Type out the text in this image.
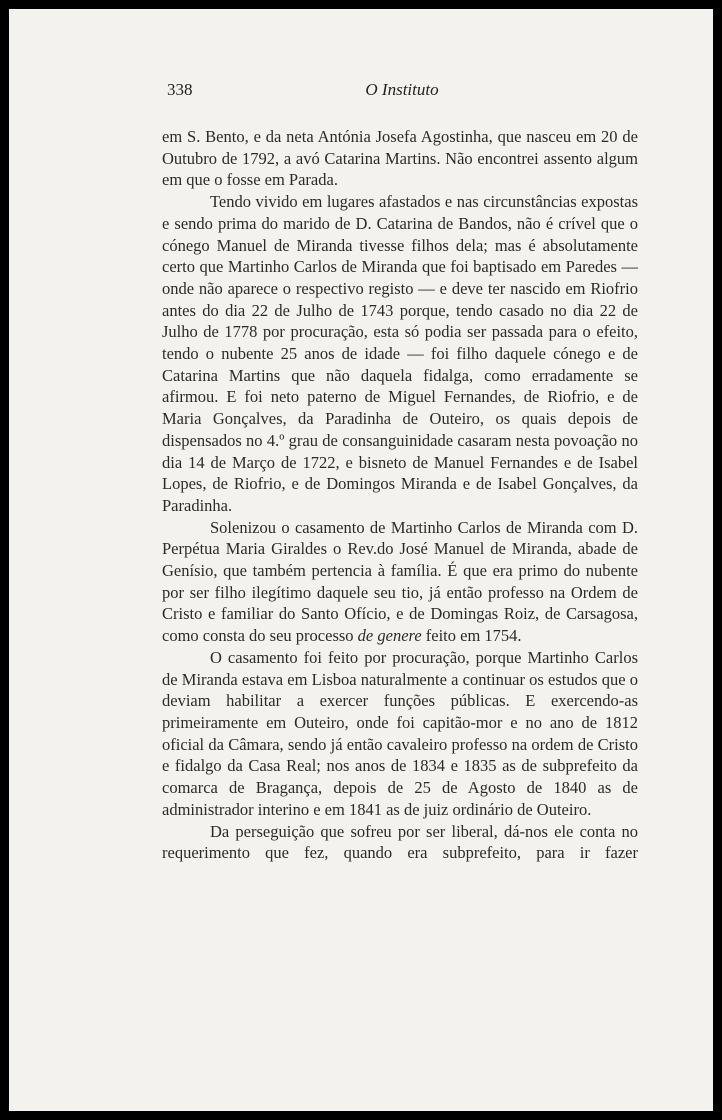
338	O Instituto

em S. Bento, e da neta Antónia Josefa Agostinha, que nasceu em 20 de Outubro de 1792, a avó Catarina Martins. Não encontrei assento algum em que o fosse em Parada.

Tendo vivido em lugares afastados e nas circunstâncias expostas e sendo prima do marido de D. Catarina de Bandos, não é crível que o cónego Manuel de Miranda tivesse filhos dela; mas é absolutamente certo que Martinho Carlos de Miranda que foi baptisado em Paredes — onde não aparece o respectivo registo — e deve ter nascido em Riofrio antes do dia 22 de Julho de 1743 porque, tendo casado no dia 22 de Julho de 1778 por procuração, esta só podia ser passada para o efeito, tendo o nubente 25 anos de idade — foi filho daquele cónego e de Catarina Martins que não daquela fidalga, como erradamente se afirmou. E foi neto paterno de Miguel Fernandes, de Riofrio, e de Maria Gonçalves, da Paradinha de Outeiro, os quais depois de dispensados no 4.º grau de consanguinidade casaram nesta povoação no dia 14 de Março de 1722, e bisneto de Manuel Fernandes e de Isabel Lopes, de Riofrio, e de Domingos Miranda e de Isabel Gonçalves, da Paradinha.

Solenizou o casamento de Martinho Carlos de Miranda com D. Perpétua Maria Giraldes o Rev.do José Manuel de Miranda, abade de Genísio, que também pertencia à família. É que era primo do nubente por ser filho ilegítimo daquele seu tio, já então professo na Ordem de Cristo e familiar do Santo Ofício, e de Domingas Roiz, de Carsagosa, como consta do seu processo de genere feito em 1754.

O casamento foi feito por procuração, porque Martinho Carlos de Miranda estava em Lisboa naturalmente a continuar os estudos que o deviam habilitar a exercer funções públicas. E exercendo-as primeiramente em Outeiro, onde foi capitão-mor e no ano de 1812 oficial da Câmara, sendo já então cavaleiro professo na ordem de Cristo e fidalgo da Casa Real; nos anos de 1834 e 1835 as de subprefeito da comarca de Bragança, depois de 25 de Agosto de 1840 as de administrador interino e em 1841 as de juiz ordinário de Outeiro.

Da perseguição que sofreu por ser liberal, dá-nos ele conta no requerimento que fez, quando era subprefeito, para ir fazer
